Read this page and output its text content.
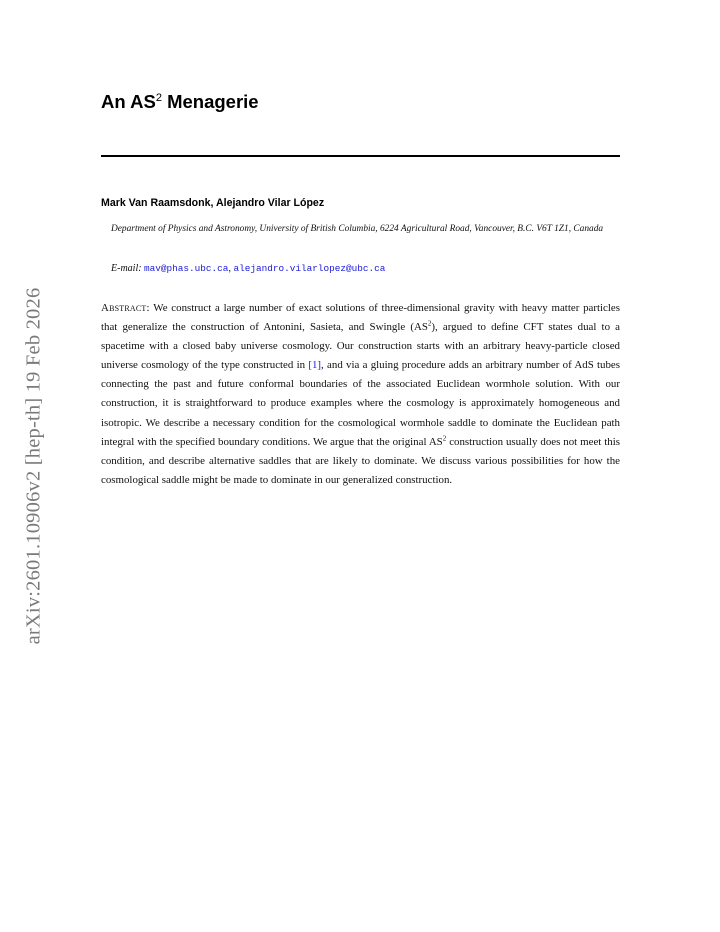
arXiv:2601.10906v2 [hep-th] 19 Feb 2026
An $AS^2$ Menagerie
Mark Van Raamsdonk, Alejandro Vilar López
Department of Physics and Astronomy, University of British Columbia, 6224 Agricultural Road, Vancouver, B.C. V6T 1Z1, Canada
E-mail: mav@phas.ubc.ca, alejandro.vilarlopez@ubc.ca
Abstract: We construct a large number of exact solutions of three-dimensional gravity with heavy matter particles that generalize the construction of Antonini, Sasieta, and Swingle $(AS^2)$, argued to define CFT states dual to a spacetime with a closed baby universe cosmology. Our construction starts with an arbitrary heavy-particle closed universe cosmology of the type constructed in [1], and via a gluing procedure adds an arbitrary number of AdS tubes connecting the past and future conformal boundaries of the associated Euclidean wormhole solution. With our construction, it is straightforward to produce examples where the cosmology is approximately homogeneous and isotropic. We describe a necessary condition for the cosmological wormhole saddle to dominate the Euclidean path integral with the specified boundary conditions. We argue that the original $AS^2$ construction usually does not meet this condition, and describe alternative saddles that are likely to dominate. We discuss various possibilities for how the cosmological saddle might be made to dominate in our generalized construction.
